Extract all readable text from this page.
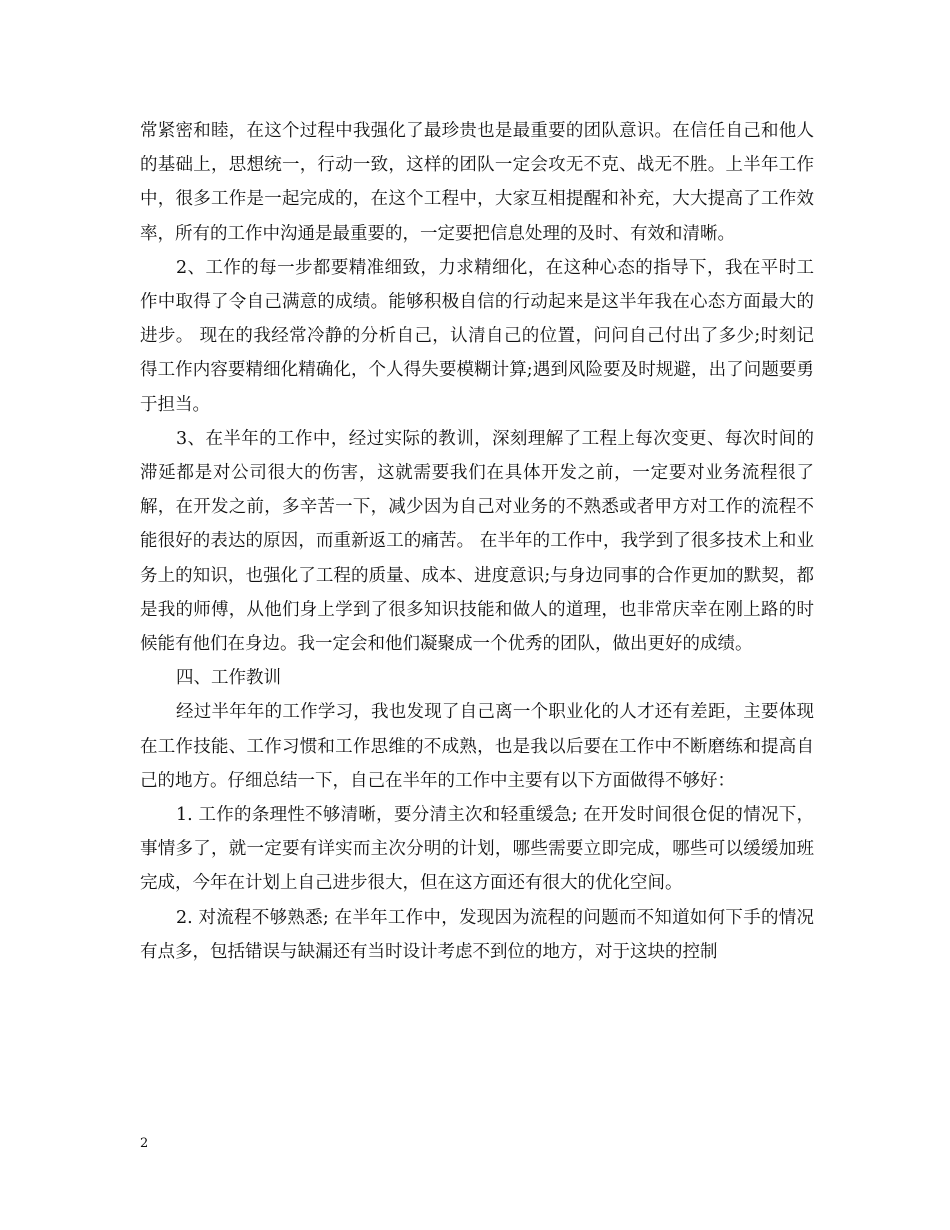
常紧密和睦，在这个过程中我强化了最珍贵也是最重要的团队意识。在信任自己和他人的基础上，思想统一，行动一致，这样的团队一定会攻无不克、战无不胜。上半年工作中，很多工作是一起完成的，在这个工程中，大家互相提醒和补充，大大提高了工作效率，所有的工作中沟通是最重要的，一定要把信息处理的及时、有效和清晰。

2、工作的每一步都要精准细致，力求精细化，在这种心态的指导下，我在平时工作中取得了令自己满意的成绩。能够积极自信的行动起来是这半年我在心态方面最大的进步。 现在的我经常冷静的分析自己，认清自己的位置，问问自己付出了多少;时刻记得工作内容要精细化精确化，个人得失要模糊计算;遇到风险要及时规避，出了问题要勇于担当。

3、在半年的工作中，经过实际的教训，深刻理解了工程上每次变更、每次时间的滞延都是对公司很大的伤害，这就需要我们在具体开发之前，一定要对业务流程很了解，在开发之前，多辛苦一下，减少因为自己对业务的不熟悉或者甲方对工作的流程不能很好的表达的原因，而重新返工的痛苦。 在半年的工作中，我学到了很多技术上和业务上的知识，也强化了工程的质量、成本、进度意识;与身边同事的合作更加的默契，都是我的师傅，从他们身上学到了很多知识技能和做人的道理，也非常庆幸在刚上路的时候能有他们在身边。我一定会和他们凝聚成一个优秀的团队，做出更好的成绩。

四、工作教训

经过半年年的工作学习，我也发现了自己离一个职业化的人才还有差距，主要体现在工作技能、工作习惯和工作思维的不成熟，也是我以后要在工作中不断磨练和提高自己的地方。仔细总结一下，自己在半年的工作中主要有以下方面做得不够好：

1. 工作的条理性不够清晰，要分清主次和轻重缓急; 在开发时间很仓促的情况下，事情多了，就一定要有详实而主次分明的计划，哪些需要立即完成，哪些可以缓缓加班完成，今年在计划上自己进步很大，但在这方面还有很大的优化空间。

2. 对流程不够熟悉; 在半年工作中，发现因为流程的问题而不知道如何下手的情况有点多，包括错误与缺漏还有当时设计考虑不到位的地方，对于这块的控制

2
